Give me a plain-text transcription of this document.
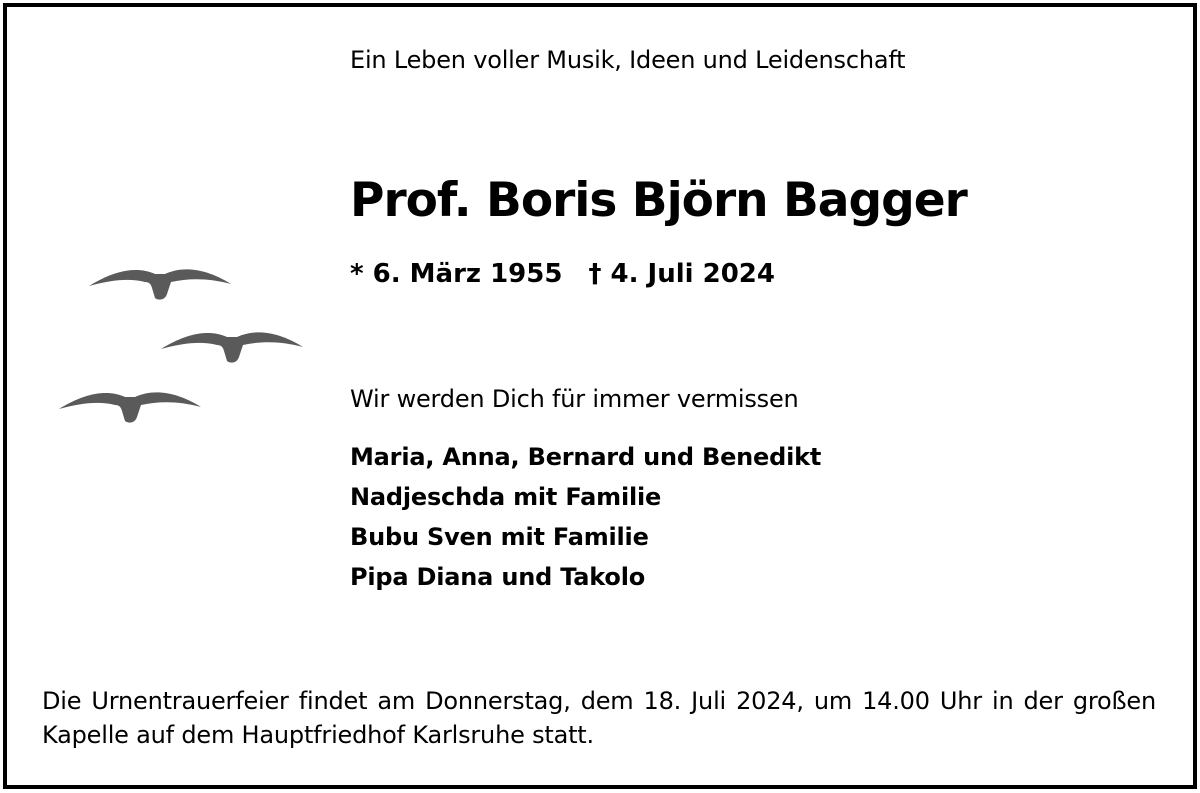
Ein Leben voller Musik, Ideen und Leidenschaft
Prof. Boris Björn Bagger
* 6. März 1955 † 4. Juli 2024
Wir werden Dich für immer vermissen
Maria, Anna, Bernard und Benedikt
Nadjeschda mit Familie
Bubu Sven mit Familie
Pipa Diana und Takolo
Die Urnentrauerfeier findet am Donnerstag, dem 18. Juli 2024, um 14.00 Uhr in der großen Kapelle auf dem Hauptfriedhof Karlsruhe statt.
